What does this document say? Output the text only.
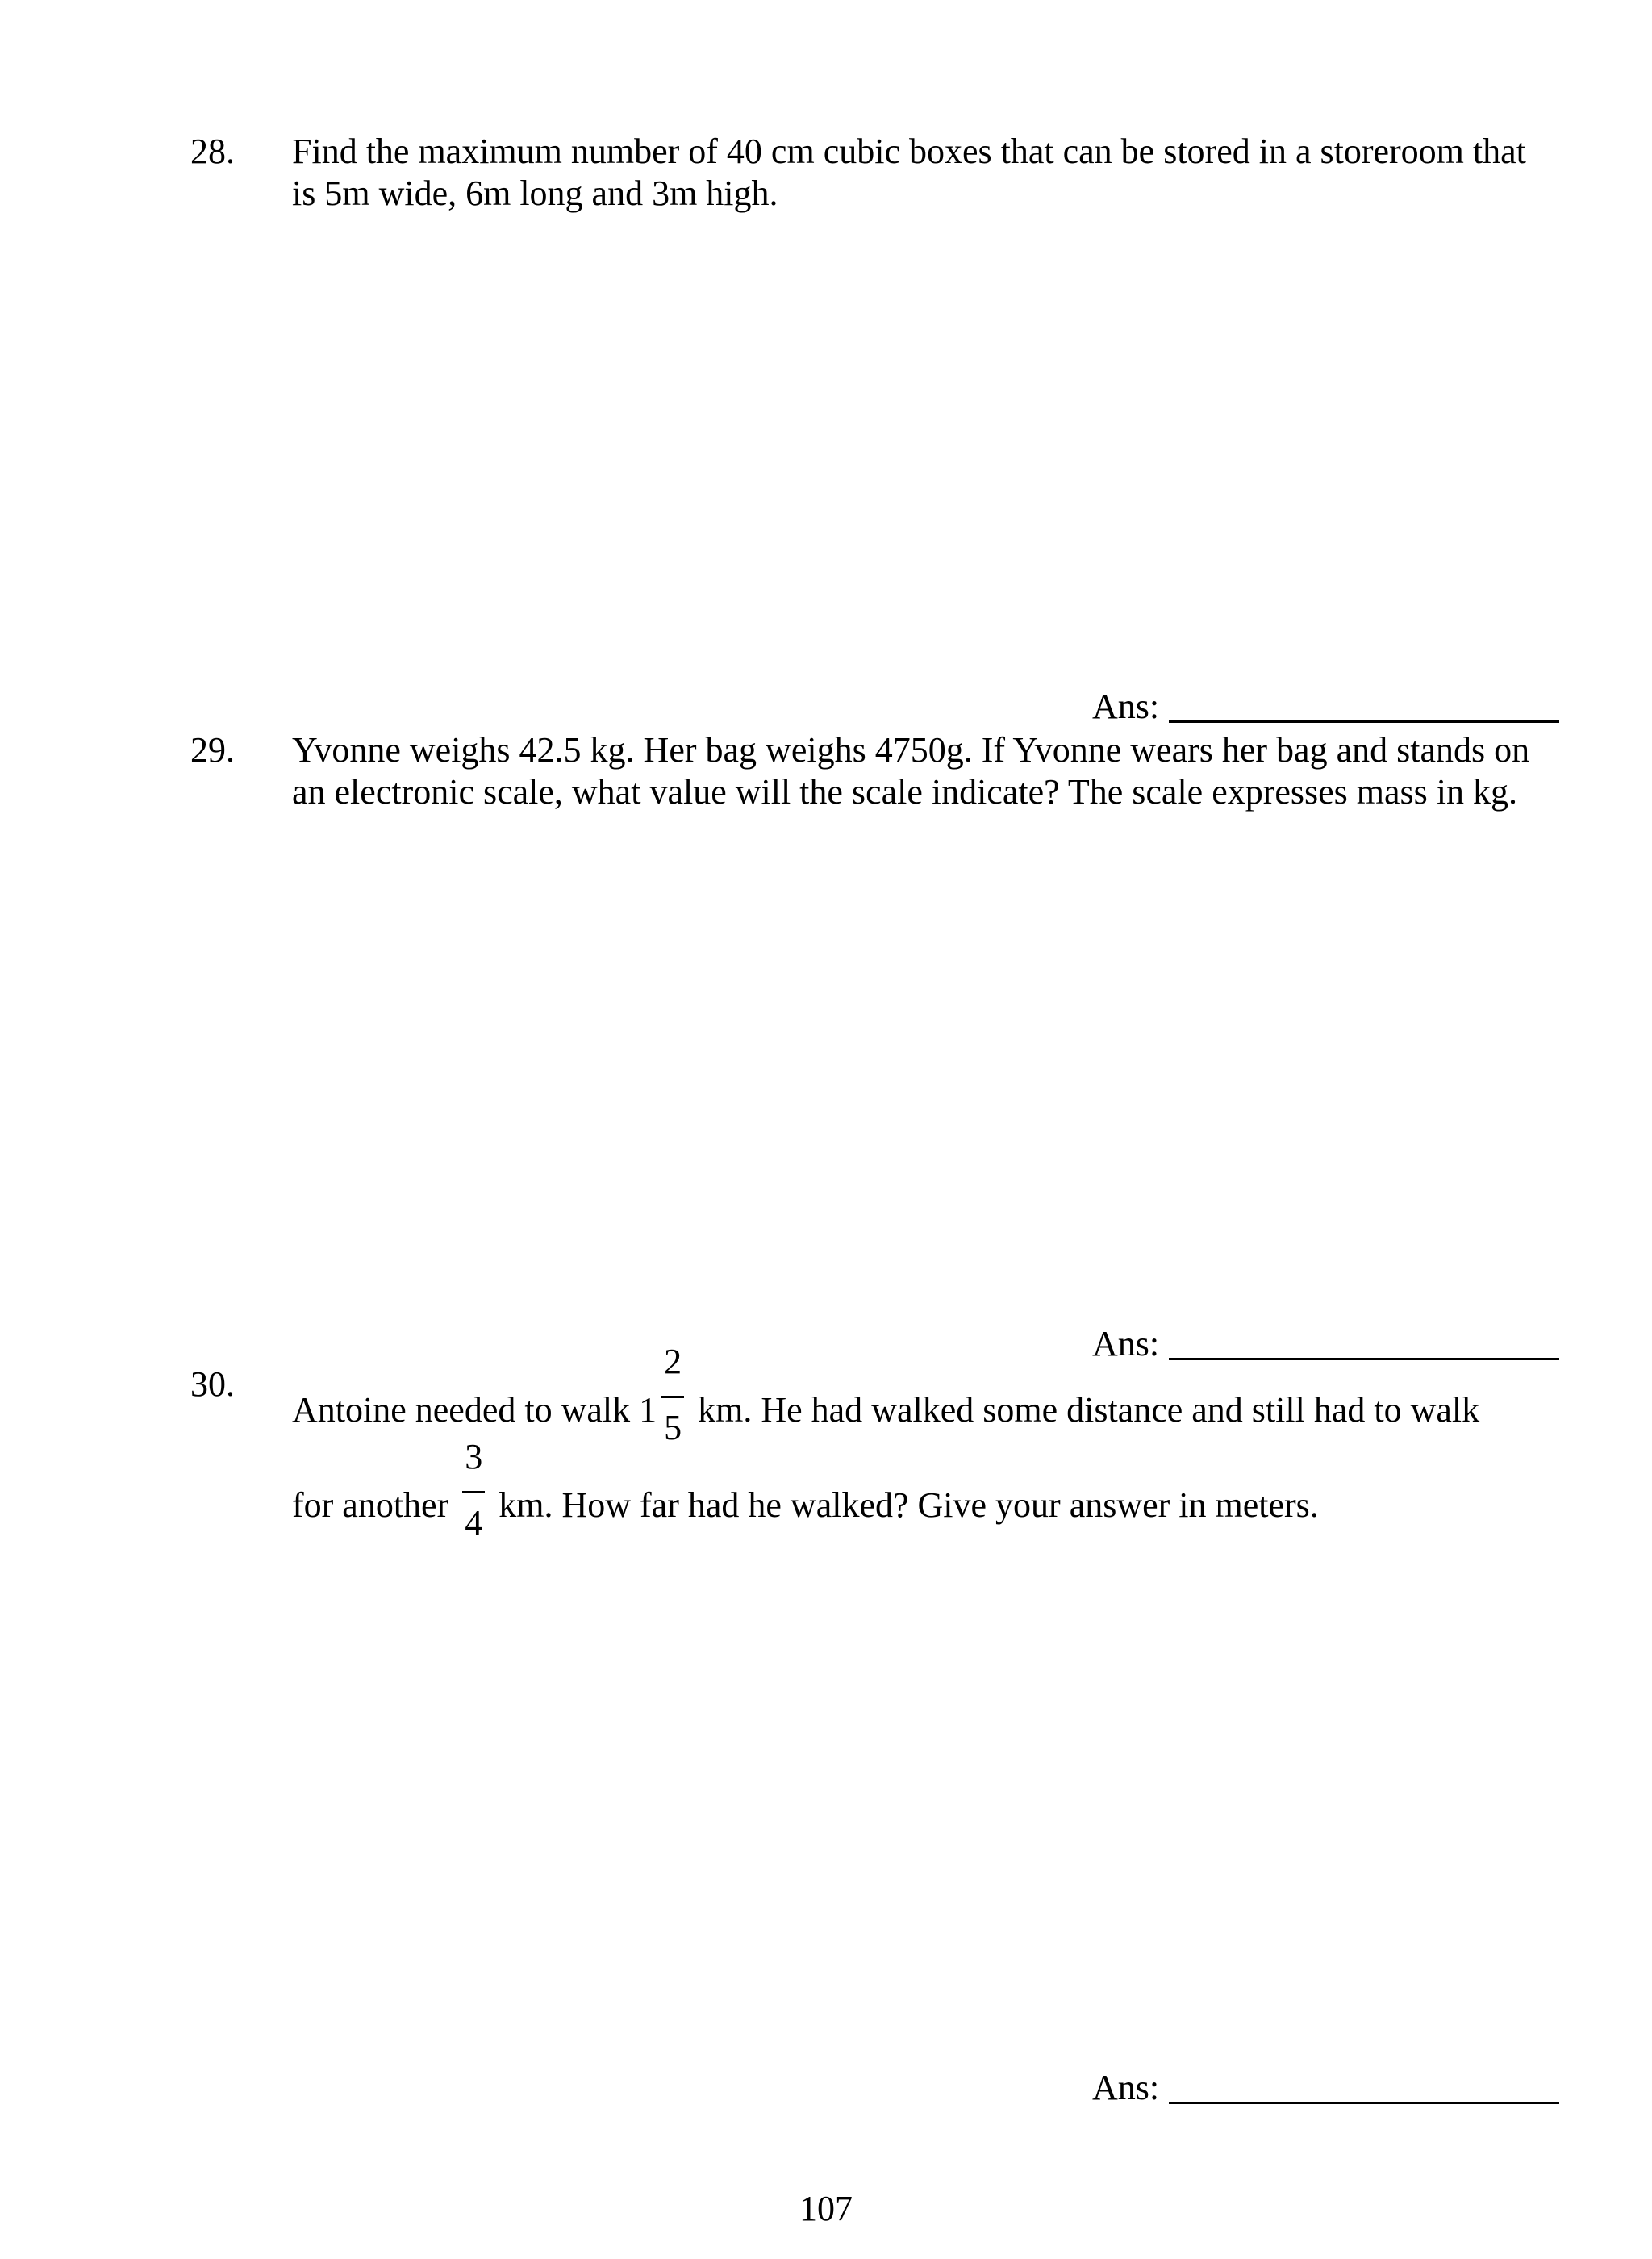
28. Find the maximum number of 40 cm cubic boxes that can be stored in a storeroom that is 5m wide, 6m long and 3m high.
Ans:
29. Yvonne weighs 42.5 kg. Her bag weighs 4750g. If Yvonne wears her bag and stands on an electronic scale, what value will the scale indicate? The scale expresses mass in kg.
Ans:
30.
Antoine needed to walk $1 \frac{2}{5}$ km. He had walked some distance and still had to walk
for another $\frac{3}{4}$ km. How far had he walked? Give your answer in meters.
Ans:
107
